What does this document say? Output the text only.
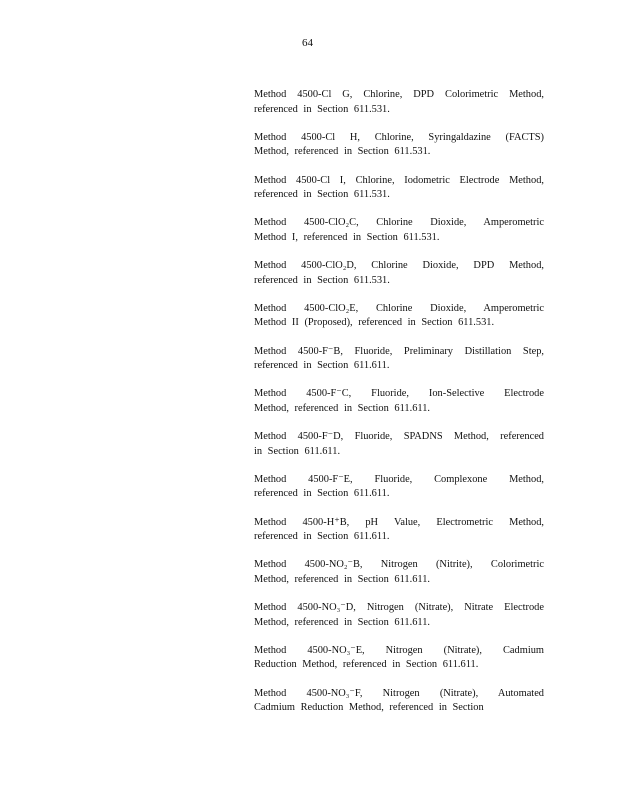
64
Method 4500-Cl G, Chlorine, DPD Colorimetric Method,
referenced in Section 611.531.
Method 4500-Cl H, Chlorine, Syringaldazine (FACTS)
Method, referenced in Section 611.531.
Method 4500-Cl I, Chlorine, Iodometric Electrode Method,
referenced in Section 611.531.
Method 4500-ClO₂C, Chlorine Dioxide, Amperometric
Method I, referenced in Section 611.531.
Method 4500-ClO₂D, Chlorine Dioxide, DPD Method,
referenced in Section 611.531.
Method 4500-ClO₂E, Chlorine Dioxide, Amperometric
Method II (Proposed), referenced in Section 611.531.
Method 4500-F⁻B, Fluoride, Preliminary Distillation Step,
referenced in Section 611.611.
Method 4500-F⁻C, Fluoride, Ion-Selective Electrode
Method, referenced in Section 611.611.
Method 4500-F⁻D, Fluoride, SPADNS Method, referenced
in Section 611.611.
Method 4500-F⁻E, Fluoride, Complexone Method,
referenced in Section 611.611.
Method 4500-H⁺B, pH Value, Electrometric Method,
referenced in Section 611.611.
Method 4500-NO₂⁻B, Nitrogen (Nitrite), Colorimetric
Method, referenced in Section 611.611.
Method 4500-NO₃⁻D, Nitrogen (Nitrate), Nitrate Electrode
Method, referenced in Section 611.611.
Method 4500-NO₃⁻E, Nitrogen (Nitrate), Cadmium
Reduction Method, referenced in Section 611.611.
Method 4500-NO₃⁻F, Nitrogen (Nitrate), Automated
Cadmium Reduction Method, referenced in Section
